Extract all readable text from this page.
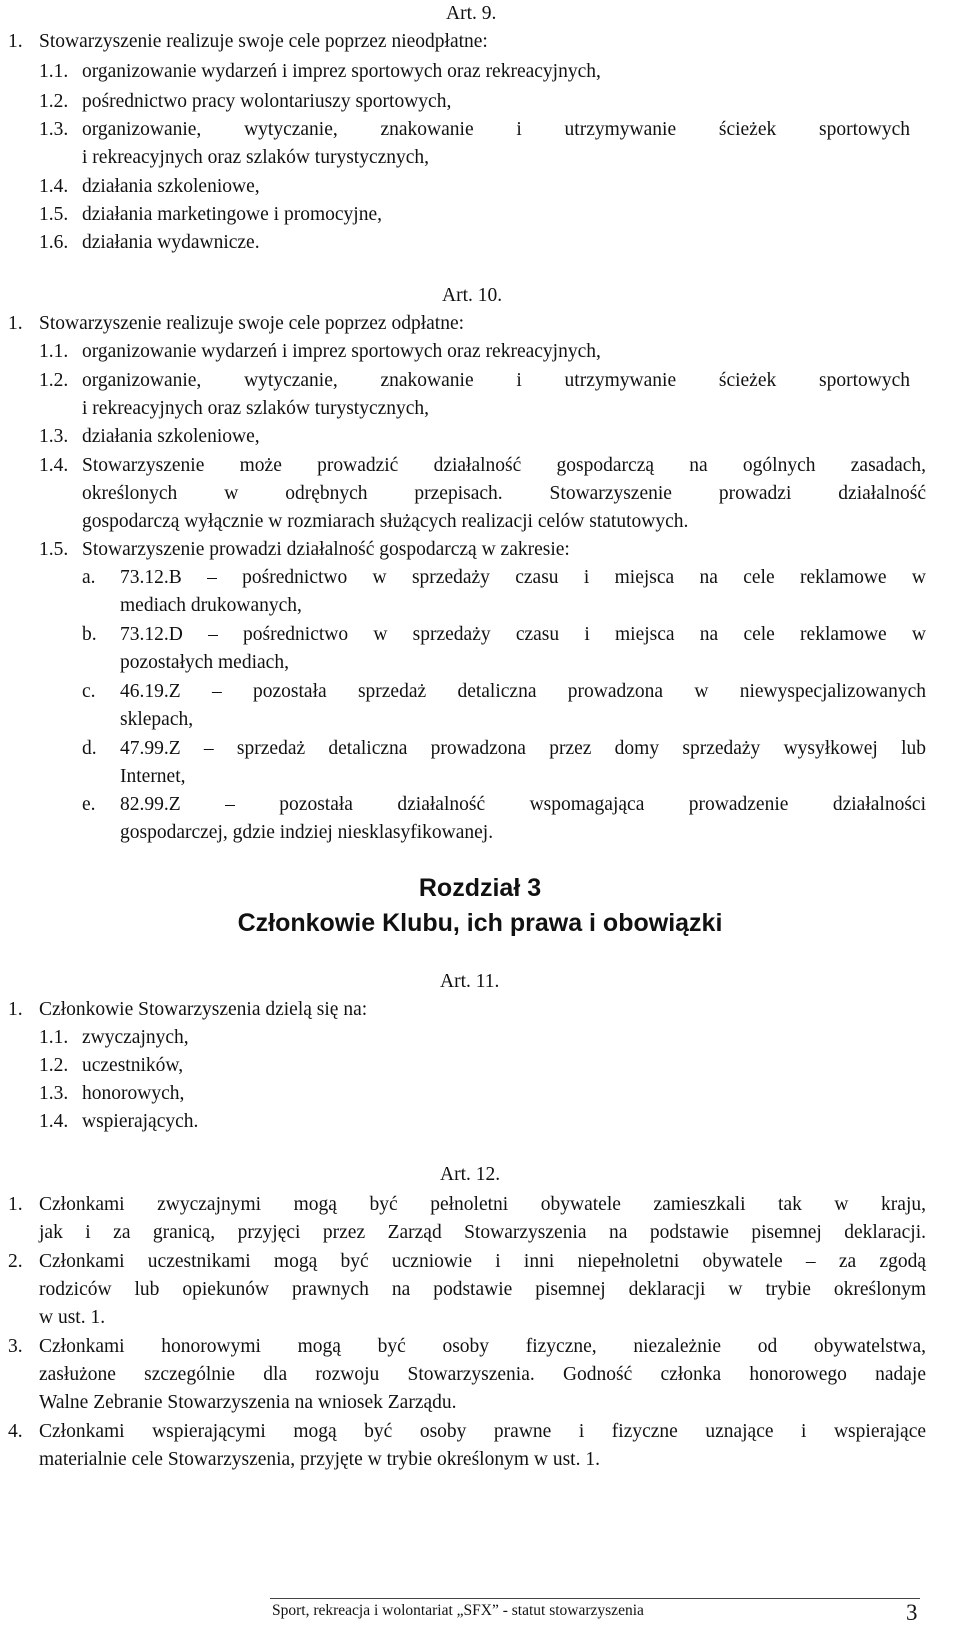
Art. 9.
1. Stowarzyszenie realizuje swoje cele poprzez nieodpłatne:
1.1. organizowanie wydarzeń i imprez sportowych oraz rekreacyjnych,
1.2. pośrednictwo pracy wolontariuszy sportowych,
1.3. organizowanie, wytyczanie, znakowanie i utrzymywanie ścieżek sportowych
i rekreacyjnych oraz szlaków turystycznych,
1.4. działania szkoleniowe,
1.5. działania marketingowe i promocyjne,
1.6. działania wydawnicze.
Art. 10.
1. Stowarzyszenie realizuje swoje cele poprzez odpłatne:
1.1. organizowanie wydarzeń i imprez sportowych oraz rekreacyjnych,
1.2. organizowanie, wytyczanie, znakowanie i utrzymywanie ścieżek sportowych
i rekreacyjnych oraz szlaków turystycznych,
1.3. działania szkoleniowe,
1.4. Stowarzyszenie może prowadzić działalność gospodarczą na ogólnych zasadach,
określonych w odrębnych przepisach. Stowarzyszenie prowadzi działalność
gospodarczą wyłącznie w rozmiarach służących realizacji celów statutowych.
1.5. Stowarzyszenie prowadzi działalność gospodarczą w zakresie:
a. 73.12.B – pośrednictwo w sprzedaży czasu i miejsca na cele reklamowe w
mediach drukowanych,
b. 73.12.D – pośrednictwo w sprzedaży czasu i miejsca na cele reklamowe w
pozostałych mediach,
c. 46.19.Z – pozostała sprzedaż detaliczna prowadzona w niewyspecjalizowanych
sklepach,
d. 47.99.Z – sprzedaż detaliczna prowadzona przez domy sprzedaży wysyłkowej lub
Internet,
e. 82.99.Z – pozostała działalność wspomagająca prowadzenie działalności
gospodarczej, gdzie indziej niesklasyfikowanej.
Rozdział 3
Członkowie Klubu, ich prawa i obowiązki
Art. 11.
1. Członkowie Stowarzyszenia dzielą się na:
1.1. zwyczajnych,
1.2. uczestników,
1.3. honorowych,
1.4. wspierających.
Art. 12.
1. Członkami zwyczajnymi mogą być pełnoletni obywatele zamieszkali tak w kraju,
jak i za granicą, przyjęci przez Zarząd Stowarzyszenia na podstawie pisemnej deklaracji.
2. Członkami uczestnikami mogą być uczniowie i inni niepełnoletni obywatele – za zgodą
rodziców lub opiekunów prawnych na podstawie pisemnej deklaracji w trybie określonym
w ust. 1.
3. Członkami honorowymi mogą być osoby fizyczne, niezależnie od obywatelstwa,
zasłużone szczególnie dla rozwoju Stowarzyszenia. Godność członka honorowego nadaje
Walne Zebranie Stowarzyszenia na wniosek Zarządu.
4. Członkami wspierającymi mogą być osoby prawne i fizyczne uznające i wspierające
materialnie cele Stowarzyszenia, przyjęte w trybie określonym w ust. 1.
Sport, rekreacja i wolontariat „SFX” - statut stowarzyszenia	3
